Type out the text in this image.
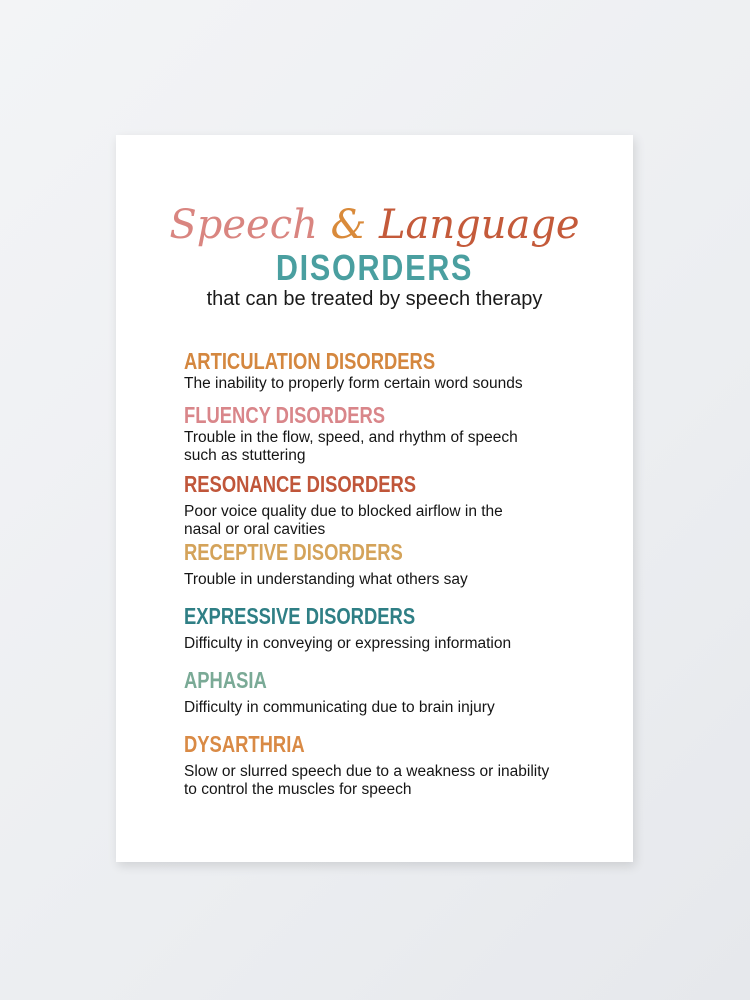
Speech & Language
DISORDERS
that can be treated by speech therapy
ARTICULATION DISORDERS
The inability to properly form certain word sounds
FLUENCY DISORDERS
Trouble in the flow, speed, and rhythm of speech
such as stuttering
RESONANCE DISORDERS
Poor voice quality due to blocked airflow in the
nasal or oral cavities
RECEPTIVE DISORDERS
Trouble in understanding what others say
EXPRESSIVE DISORDERS
Difficulty in conveying or expressing information
APHASIA
Difficulty in communicating due to brain injury
DYSARTHRIA
Slow or slurred speech due to a weakness or inability
to control the muscles for speech
